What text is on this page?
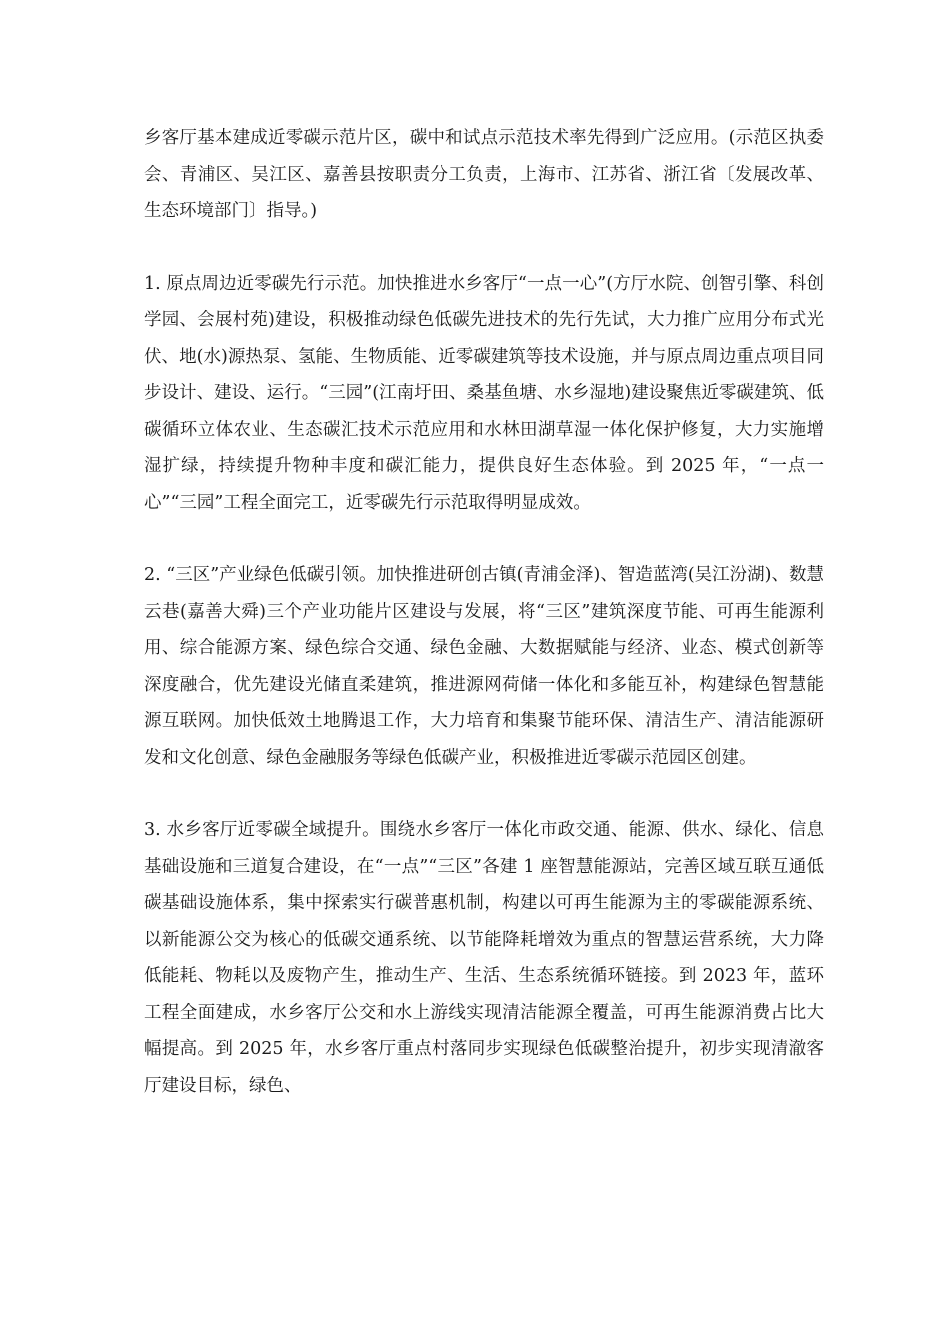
乡客厅基本建成近零碳示范片区，碳中和试点示范技术率先得到广泛应用。(示范区执委会、青浦区、吴江区、嘉善县按职责分工负责，上海市、江苏省、浙江省〔发展改革、生态环境部门〕指导。)

1. 原点周边近零碳先行示范。加快推进水乡客厅“一点一心”(方厅水院、创智引擎、科创学园、会展村苑)建设，积极推动绿色低碳先进技术的先行先试，大力推广应用分布式光伏、地(水)源热泵、氢能、生物质能、近零碳建筑等技术设施，并与原点周边重点项目同步设计、建设、运行。“三园”(江南圩田、桑基鱼塘、水乡湿地)建设聚焦近零碳建筑、低碳循环立体农业、生态碳汇技术示范应用和水林田湖草湿一体化保护修复，大力实施增湿扩绿，持续提升物种丰度和碳汇能力，提供良好生态体验。到 2025 年，“一点一心”“三园”工程全面完工，近零碳先行示范取得明显成效。

2. “三区”产业绿色低碳引领。加快推进研创古镇(青浦金泽)、智造蓝湾(吴江汾湖)、数慧云巷(嘉善大舜)三个产业功能片区建设与发展，将“三区”建筑深度节能、可再生能源利用、综合能源方案、绿色综合交通、绿色金融、大数据赋能与经济、业态、模式创新等深度融合，优先建设光储直柔建筑，推进源网荷储一体化和多能互补，构建绿色智慧能源互联网。加快低效土地腾退工作，大力培育和集聚节能环保、清洁生产、清洁能源研发和文化创意、绿色金融服务等绿色低碳产业，积极推进近零碳示范园区创建。

3. 水乡客厅近零碳全域提升。围绕水乡客厅一体化市政交通、能源、供水、绿化、信息基础设施和三道复合建设，在“一点”“三区”各建 1 座智慧能源站，完善区域互联互通低碳基础设施体系，集中探索实行碳普惠机制，构建以可再生能源为主的零碳能源系统、以新能源公交为核心的低碳交通系统、以节能降耗增效为重点的智慧运营系统，大力降低能耗、物耗以及废物产生，推动生产、生活、生态系统循环链接。到 2023 年，蓝环工程全面建成，水乡客厅公交和水上游线实现清洁能源全覆盖，可再生能源消费占比大幅提高。到 2025 年，水乡客厅重点村落同步实现绿色低碳整治提升，初步实现清澈客厅建设目标，绿色、
